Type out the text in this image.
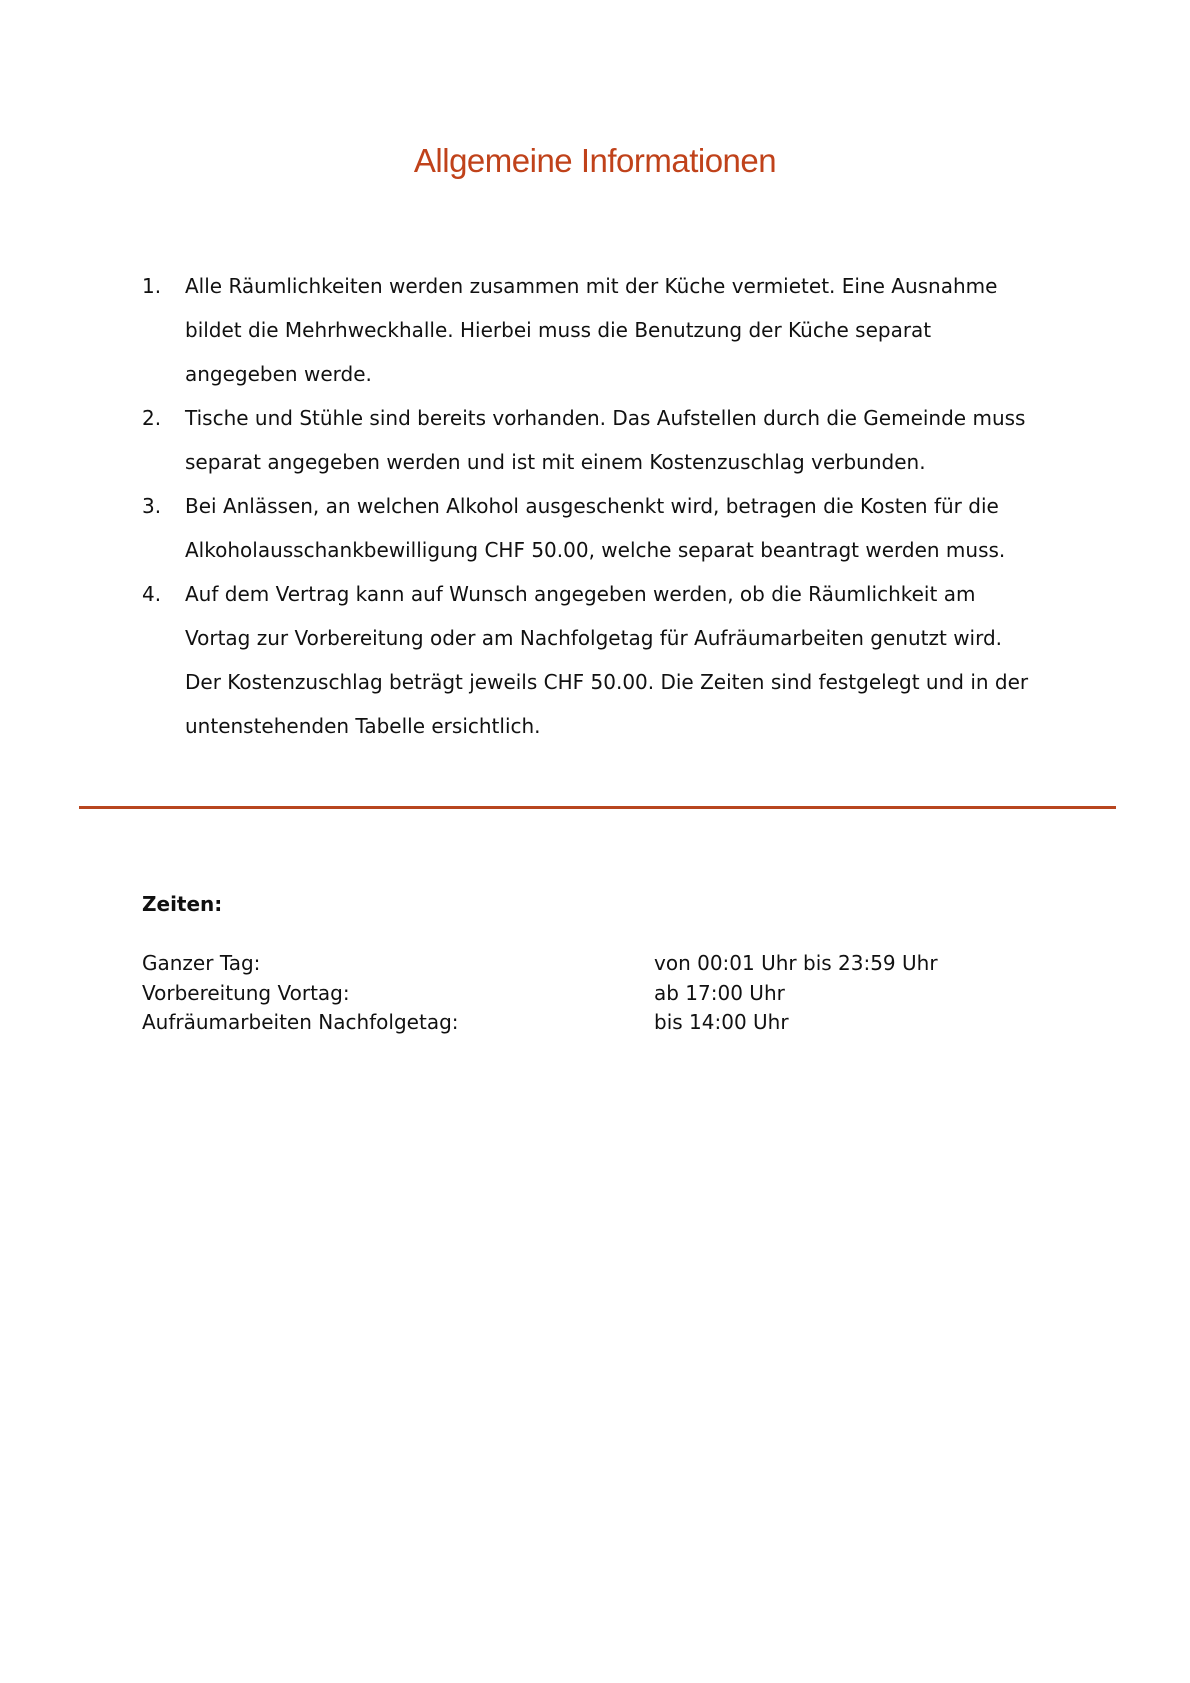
Allgemeine Informationen
1. Alle Räumlichkeiten werden zusammen mit der Küche vermietet. Eine Ausnahme
bildet die Mehrhweckhalle. Hierbei muss die Benutzung der Küche separat
angegeben werde.
2. Tische und Stühle sind bereits vorhanden. Das Aufstellen durch die Gemeinde muss
separat angegeben werden und ist mit einem Kostenzuschlag verbunden.
3. Bei Anlässen, an welchen Alkohol ausgeschenkt wird, betragen die Kosten für die
Alkoholausschankbewilligung CHF 50.00, welche separat beantragt werden muss.
4. Auf dem Vertrag kann auf Wunsch angegeben werden, ob die Räumlichkeit am
Vortag zur Vorbereitung oder am Nachfolgetag für Aufräumarbeiten genutzt wird.
Der Kostenzuschlag beträgt jeweils CHF 50.00. Die Zeiten sind festgelegt und in der
untenstehenden Tabelle ersichtlich.
Zeiten:
Ganzer Tag:	von 00:01 Uhr bis 23:59 Uhr
Vorbereitung Vortag:	ab 17:00 Uhr
Aufräumarbeiten Nachfolgetag:	bis 14:00 Uhr
